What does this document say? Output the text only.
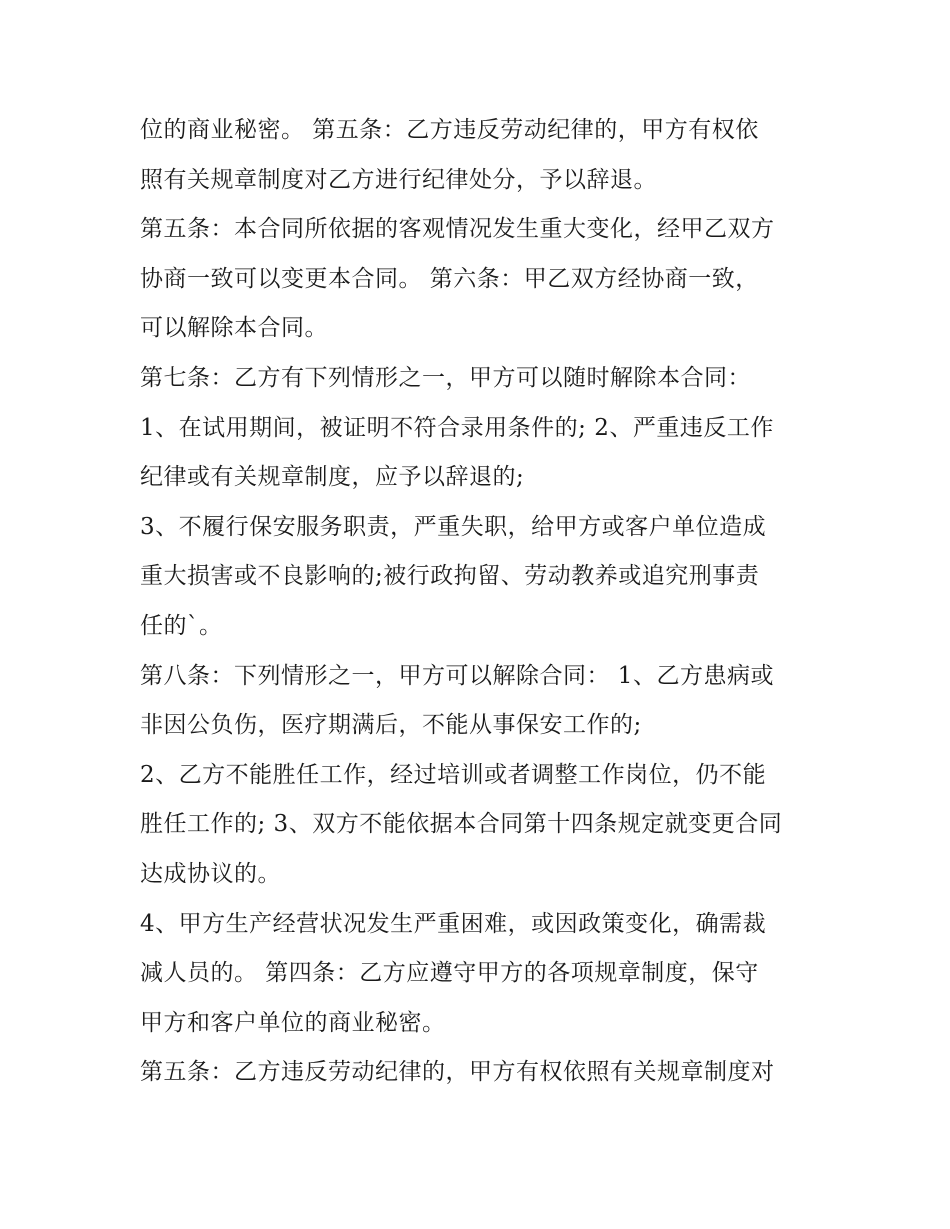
位的商业秘密。 第五条：乙方违反劳动纪律的，甲方有权依
照有关规章制度对乙方进行纪律处分，予以辞退。
第五条：本合同所依据的客观情况发生重大变化，经甲乙双方
协商一致可以变更本合同。 第六条：甲乙双方经协商一致，
可以解除本合同。
第七条：乙方有下列情形之一，甲方可以随时解除本合同：
1、在试用期间，被证明不符合录用条件的; 2、严重违反工作
纪律或有关规章制度，应予以辞退的;
3、不履行保安服务职责，严重失职，给甲方或客户单位造成
重大损害或不良影响的;被行政拘留、劳动教养或追究刑事责
任的`。
第八条：下列情形之一，甲方可以解除合同： 1、乙方患病或
非因公负伤，医疗期满后，不能从事保安工作的;
2、乙方不能胜任工作，经过培训或者调整工作岗位，仍不能
胜任工作的; 3、双方不能依据本合同第十四条规定就变更合同
达成协议的。
4、甲方生产经营状况发生严重困难，或因政策变化，确需裁
减人员的。 第四条：乙方应遵守甲方的各项规章制度，保守
甲方和客户单位的商业秘密。
第五条：乙方违反劳动纪律的，甲方有权依照有关规章制度对
